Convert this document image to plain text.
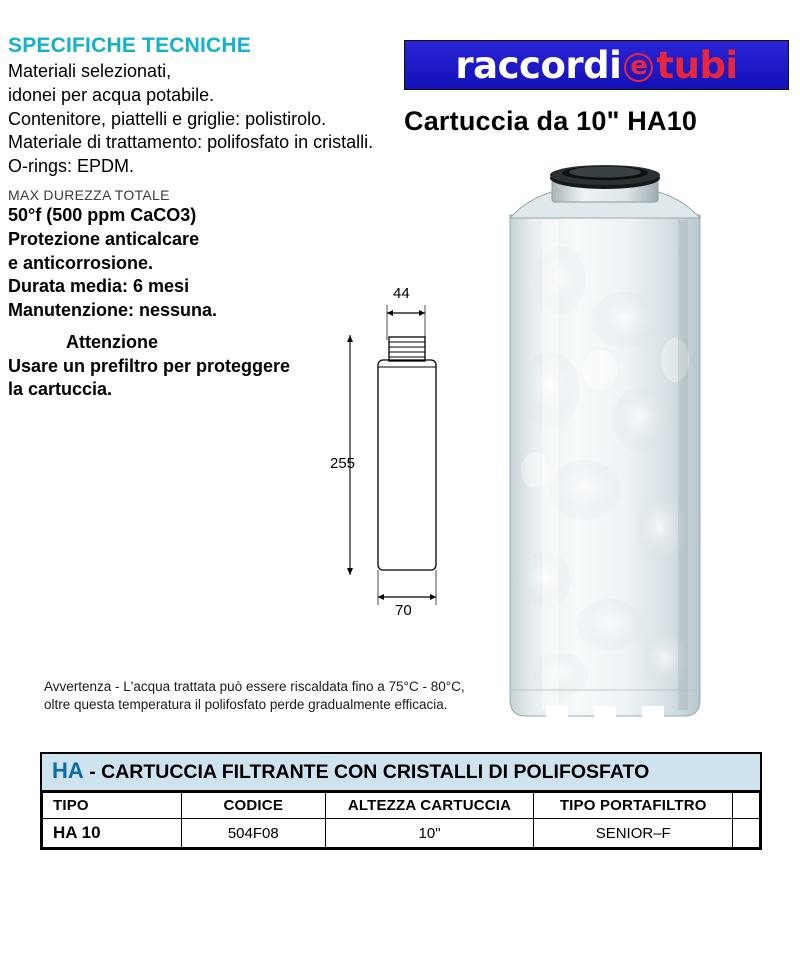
SPECIFICHE TECNICHE

Materiali selezionati,

idonei per acqua potabile.

Contenitore, piattelli e griglie: polistirolo.

Materiale di trattamento: polifosfato in cristalli.

O-rings: EPDM.

MAX DUREZZA TOTALE

50°f (500 ppm CaCO3)

Protezione anticalcare

e anticorrosione.

Durata media: 6 mesi

Manutenzione: nessuna.

Attenzione

Usare un prefiltro per proteggere

la cartuccia.

raccordi e tubi
Cartuccia da 10" HA10
44
255
70
Avvertenza - L'acqua trattata può essere riscaldata fino a 75°C - 80°C, oltre questa temperatura il polifosfato perde gradualmente efficacia.
HA - CARTUCCIA FILTRANTE CON CRISTALLI DI POLIFOSFATO
TIPO	CODICE	ALTEZZA CARTUCCIA	TIPO PORTAFILTRO	
HA 10	504F08	10"	SENIOR–F	
